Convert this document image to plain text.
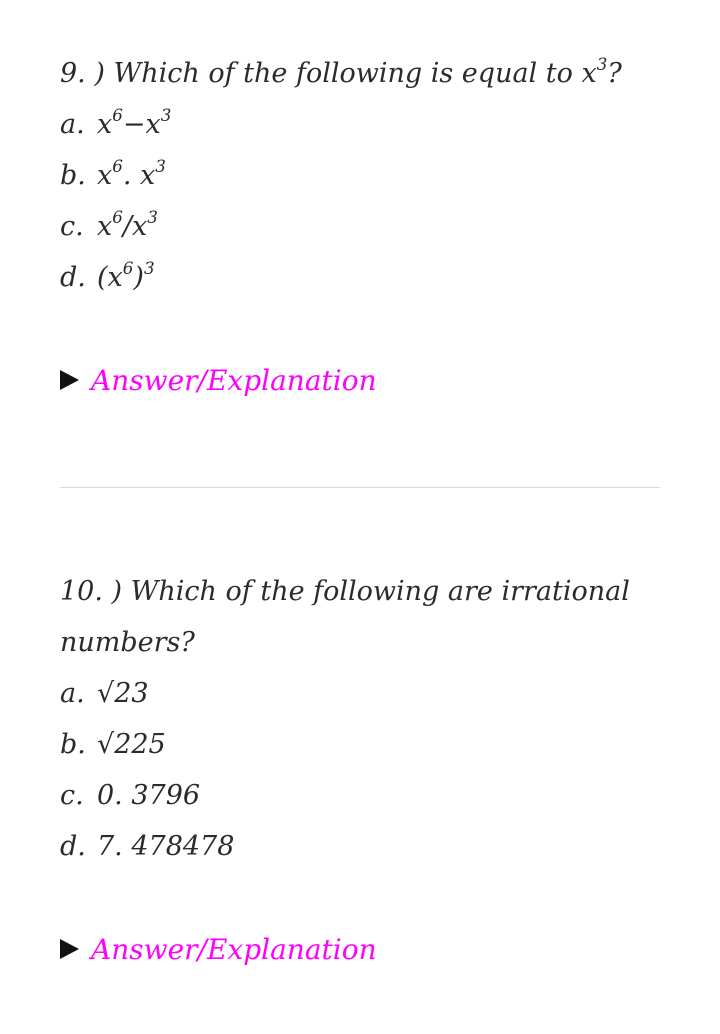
9. ) Which of the following is equal to $x^3$?

a. $x^6-x^3$
b. $x^6$. $x^3$
c. $x^6/x^3$
d. $(x^6)^3$
Answer/Explanation

10. ) Which of the following are irrational
numbers?

a. √23
b. √225
c. 0. 3796
d. 7. 478478
Answer/Explanation
